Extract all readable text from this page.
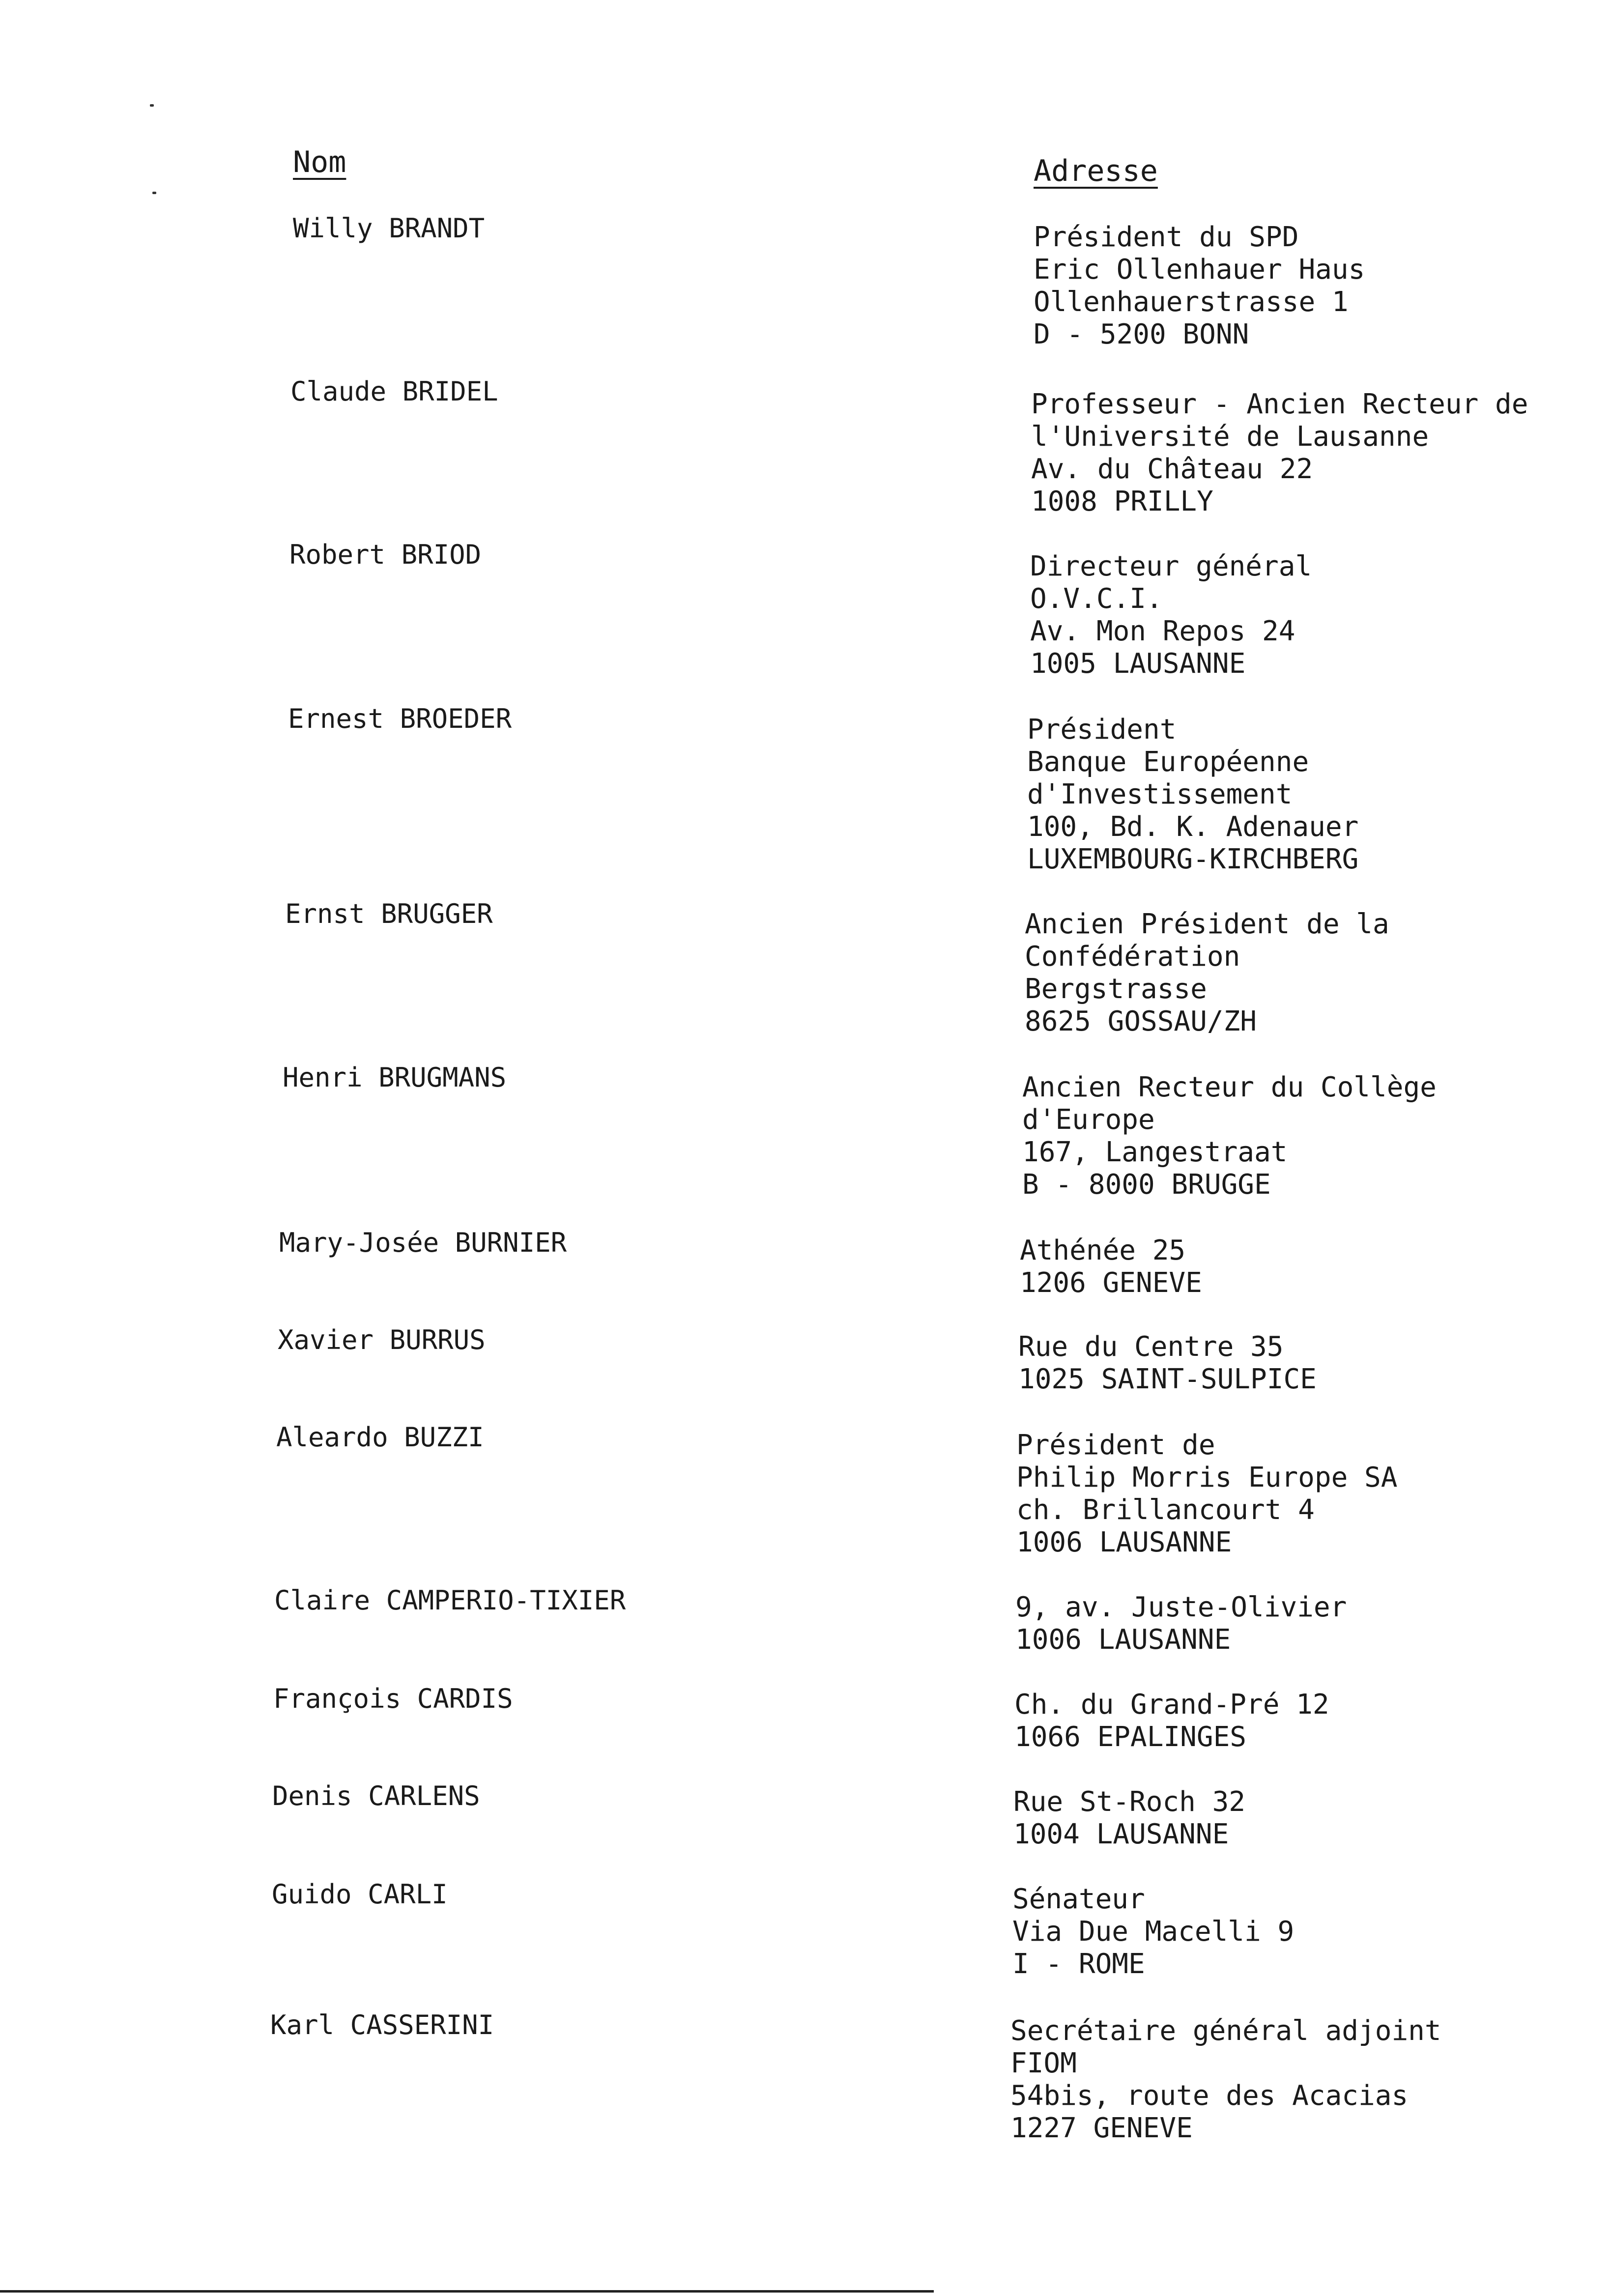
Nom	Adresse
Willy BRANDT	Président du SPD
Eric Ollenhauer Haus
Ollenhauerstrasse 1
D - 5200 BONN
Claude BRIDEL	Professeur - Ancien Recteur de
l'Université de Lausanne
Av. du Château 22
1008 PRILLY
Robert BRIOD	Directeur général
O.V.C.I.
Av. Mon Repos 24
1005 LAUSANNE
Ernest BROEDER	Président
Banque Européenne
d'Investissement
100, Bd. K. Adenauer
LUXEMBOURG-KIRCHBERG
Ernst BRUGGER	Ancien Président de la
Confédération
Bergstrasse
8625 GOSSAU/ZH
Henri BRUGMANS	Ancien Recteur du Collège
d'Europe
167, Langestraat
B - 8000 BRUGGE
Mary-Josée BURNIER	Athénée 25
1206 GENEVE
Xavier BURRUS	Rue du Centre 35
1025 SAINT-SULPICE
Aleardo BUZZI	Président de
Philip Morris Europe SA
ch. Brillancourt 4
1006 LAUSANNE
Claire CAMPERIO-TIXIER	9, av. Juste-Olivier
1006 LAUSANNE
François CARDIS	Ch. du Grand-Pré 12
1066 EPALINGES
Denis CARLENS	Rue St-Roch 32
1004 LAUSANNE
Guido CARLI	Sénateur
Via Due Macelli 9
I - ROME
Karl CASSERINI	Secrétaire général adjoint
FIOM
54bis, route des Acacias
1227 GENEVE
